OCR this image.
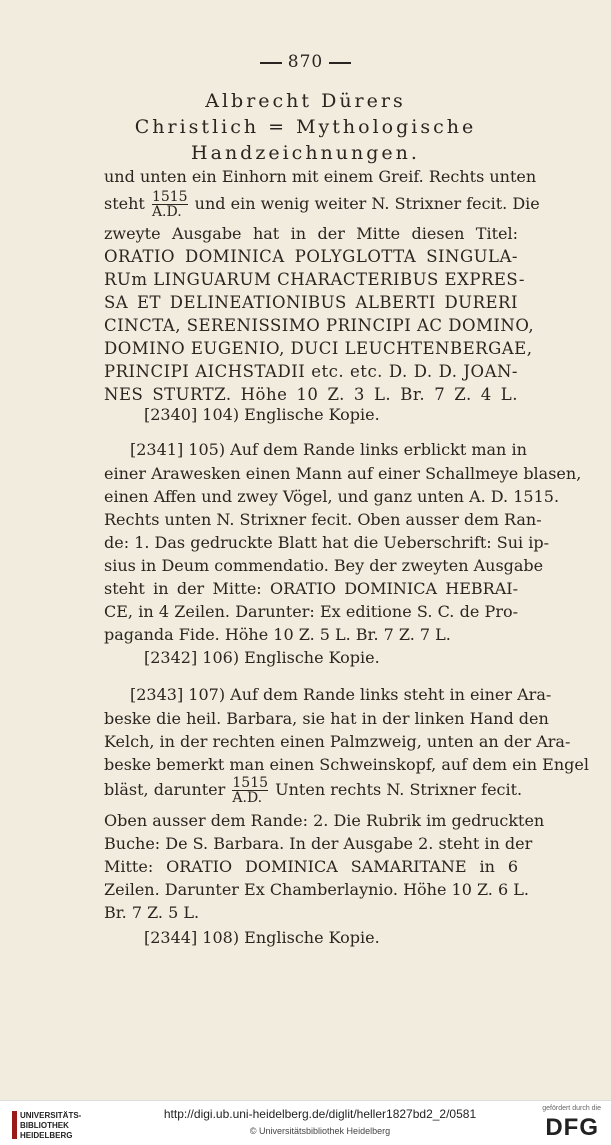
870
Albrecht Dürers
Christlich = Mythologische
Handzeichnungen.
und unten ein Einhorn mit einem Greif. Rechts unten
steht $\frac{1515}{A.D.}$ und ein wenig weiter N. Strixner fecit. Die
zweyte Ausgabe hat in der Mitte diesen Titel:
ORATIO DOMINICA POLYGLOTTA SINGULA-
RUm LINGUARUM CHARACTERIBUS EXPRES-
SA ET DELINEATIONIBUS ALBERTI DURERI
CINCTA, SERENISSIMO PRINCIPI AC DOMINO,
DOMINO EUGENIO, DUCI LEUCHTENBERGAE,
PRINCIPI AICHSTADII etc. etc. D. D. D. JOAN-
NES STURTZ. Höhe 10 Z. 3 L. Br. 7 Z. 4 L.
[2340] 104) Englische Kopie.
[2341] 105) Auf dem Rande links erblickt man in
einer Arawesken einen Mann auf einer Schallmeye blasen,
einen Affen und zwey Vögel, und ganz unten A. D. 1515.
Rechts unten N. Strixner fecit. Oben ausser dem Ran-
de: 1. Das gedruckte Blatt hat die Ueberschrift: Sui ip-
sius in Deum commendatio. Bey der zweyten Ausgabe
steht in der Mitte: ORATIO DOMINICA HEBRAI-
CE, in 4 Zeilen. Darunter: Ex editione S. C. de Pro-
paganda Fide. Höhe 10 Z. 5 L. Br. 7 Z. 7 L.
[2342] 106) Englische Kopie.
[2343] 107) Auf dem Rande links steht in einer Ara-
beske die heil. Barbara, sie hat in der linken Hand den
Kelch, in der rechten einen Palmzweig, unten an der Ara-
beske bemerkt man einen Schweinskopf, auf dem ein Engel
bläst, darunter $\frac{1515}{A.D.}$ Unten rechts N. Strixner fecit.
Oben ausser dem Rande: 2. Die Rubrik im gedruckten
Buche: De S. Barbara. In der Ausgabe 2. steht in der
Mitte: ORATIO DOMINICA SAMARITANE in 6
Zeilen. Darunter Ex Chamberlaynio. Höhe 10 Z. 6 L.
Br. 7 Z. 5 L.
[2344] 108) Englische Kopie.
UNIVERSITÄTS-
BIBLIOTHEK
HEIDELBERG
http://digi.ub.uni-heidelberg.de/diglit/heller1827bd2_2/0581
© Universitätsbibliothek Heidelberg
gefördert durch die
DFG
